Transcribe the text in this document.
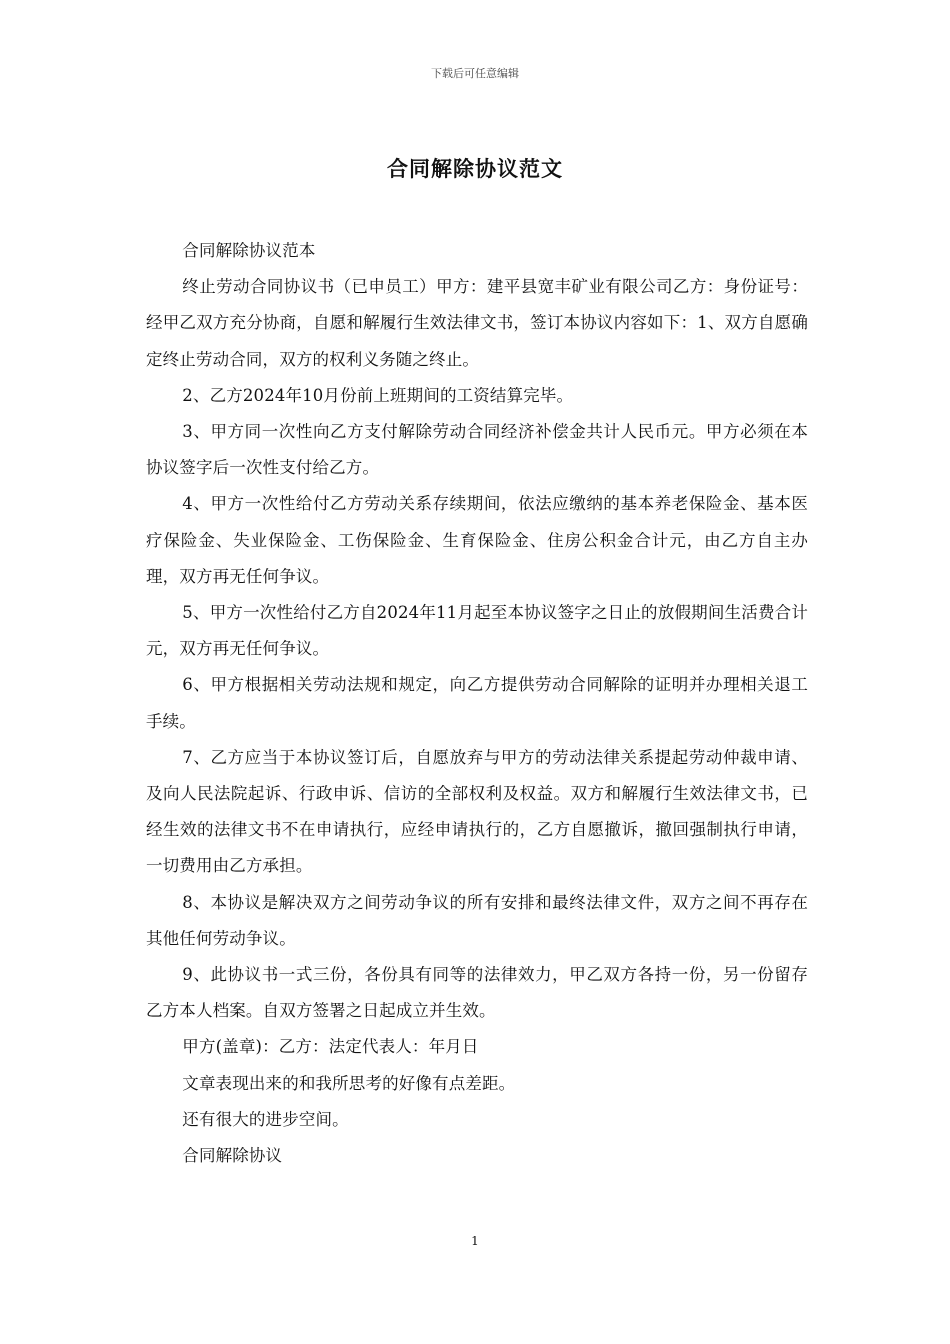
下载后可任意编辑
合同解除协议范文

合同解除协议范本

终止劳动合同协议书（已申员工）甲方：建平县宽丰矿业有限公司乙方：身份证号：经甲乙双方充分协商，自愿和解履行生效法律文书，签订本协议内容如下：1、双方自愿确定终止劳动合同，双方的权利义务随之终止。

2、乙方2024年10月份前上班期间的工资结算完毕。

3、甲方同一次性向乙方支付解除劳动合同经济补偿金共计人民币元。甲方必须在本协议签字后一次性支付给乙方。

4、甲方一次性给付乙方劳动关系存续期间，依法应缴纳的基本养老保险金、基本医疗保险金、失业保险金、工伤保险金、生育保险金、住房公积金合计元，由乙方自主办理，双方再无任何争议。

5、甲方一次性给付乙方自2024年11月起至本协议签字之日止的放假期间生活费合计元，双方再无任何争议。

6、甲方根据相关劳动法规和规定，向乙方提供劳动合同解除的证明并办理相关退工手续。

7、乙方应当于本协议签订后，自愿放弃与甲方的劳动法律关系提起劳动仲裁申请、及向人民法院起诉、行政申诉、信访的全部权利及权益。双方和解履行生效法律文书，已经生效的法律文书不在申请执行，应经申请执行的，乙方自愿撤诉，撤回强制执行申请，一切费用由乙方承担。

8、本协议是解决双方之间劳动争议的所有安排和最终法律文件，双方之间不再存在其他任何劳动争议。

9、此协议书一式三份，各份具有同等的法律效力，甲乙双方各持一份，另一份留存乙方本人档案。自双方签署之日起成立并生效。

甲方(盖章)：乙方：法定代表人：年月日

文章表现出来的和我所思考的好像有点差距。

还有很大的进步空间。

合同解除协议

1
